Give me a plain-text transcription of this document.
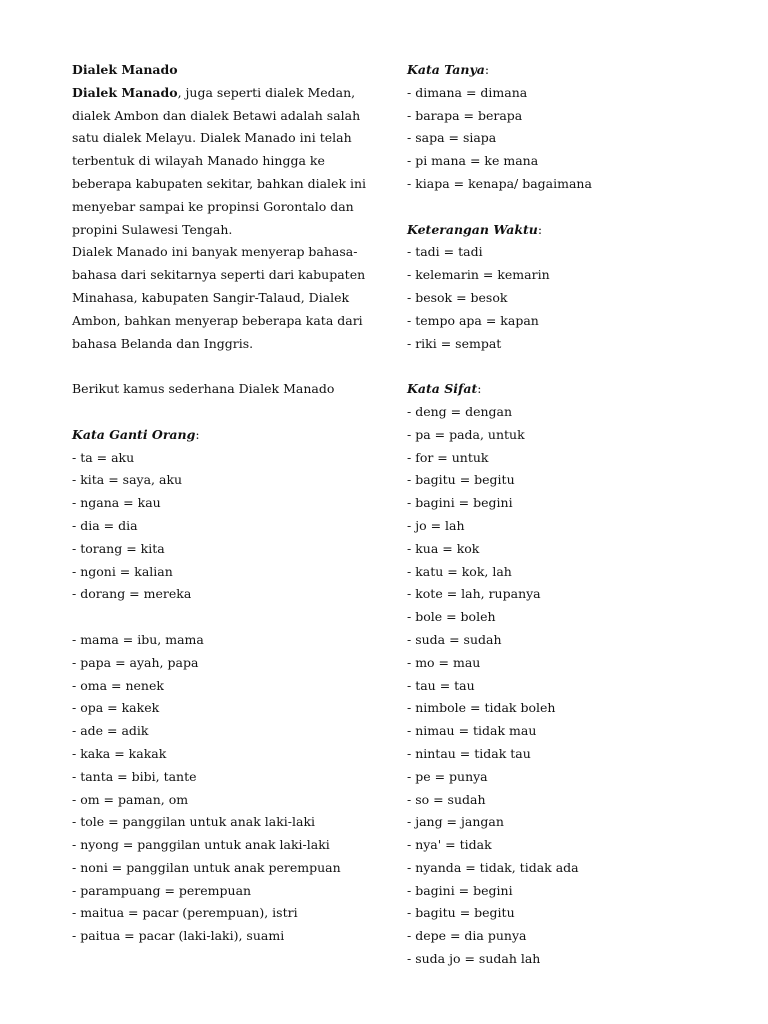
Dialek Manado
Dialek Manado, juga seperti dialek Medan,
dialek Ambon dan dialek Betawi adalah salah
satu dialek Melayu. Dialek Manado ini telah
terbentuk di wilayah Manado hingga ke
beberapa kabupaten sekitar, bahkan dialek ini
menyebar sampai ke propinsi Gorontalo dan
propini Sulawesi Tengah.
Dialek Manado ini banyak menyerap bahasa-
bahasa dari sekitarnya seperti dari kabupaten
Minahasa, kabupaten Sangir-Talaud, Dialek
Ambon, bahkan menyerap beberapa kata dari
bahasa Belanda dan Inggris.
Berikut kamus sederhana Dialek Manado
Kata Ganti Orang:
- ta = aku
- kita = saya, aku
- ngana = kau
- dia = dia
- torang = kita
- ngoni = kalian
- dorang = mereka
- mama = ibu, mama
- papa = ayah, papa
- oma = nenek
- opa = kakek
- ade = adik
- kaka = kakak
- tanta = bibi, tante
- om = paman, om
- tole = panggilan untuk anak laki-laki
- nyong = panggilan untuk anak laki-laki
- noni = panggilan untuk anak perempuan
- parampuang = perempuan
- maitua = pacar (perempuan), istri
- paitua = pacar (laki-laki), suami
Kata Tanya:
- dimana = dimana
- barapa = berapa
- sapa = siapa
- pi mana = ke mana
- kiapa = kenapa/ bagaimana
Keterangan Waktu:
- tadi = tadi
- kelemarin = kemarin
- besok = besok
- tempo apa = kapan
- riki = sempat
Kata Sifat:
- deng = dengan
- pa = pada, untuk
- for = untuk
- bagitu = begitu
- bagini = begini
- jo = lah
- kua = kok
- katu = kok, lah
- kote = lah, rupanya
- bole = boleh
- suda = sudah
- mo = mau
- tau = tau
- nimbole = tidak boleh
- nimau = tidak mau
- nintau = tidak tau
- pe = punya
- so = sudah
- jang = jangan
- nya' = tidak
- nyanda = tidak, tidak ada
- bagini = begini
- bagitu = begitu
- depe = dia punya
- suda jo = sudah lah
